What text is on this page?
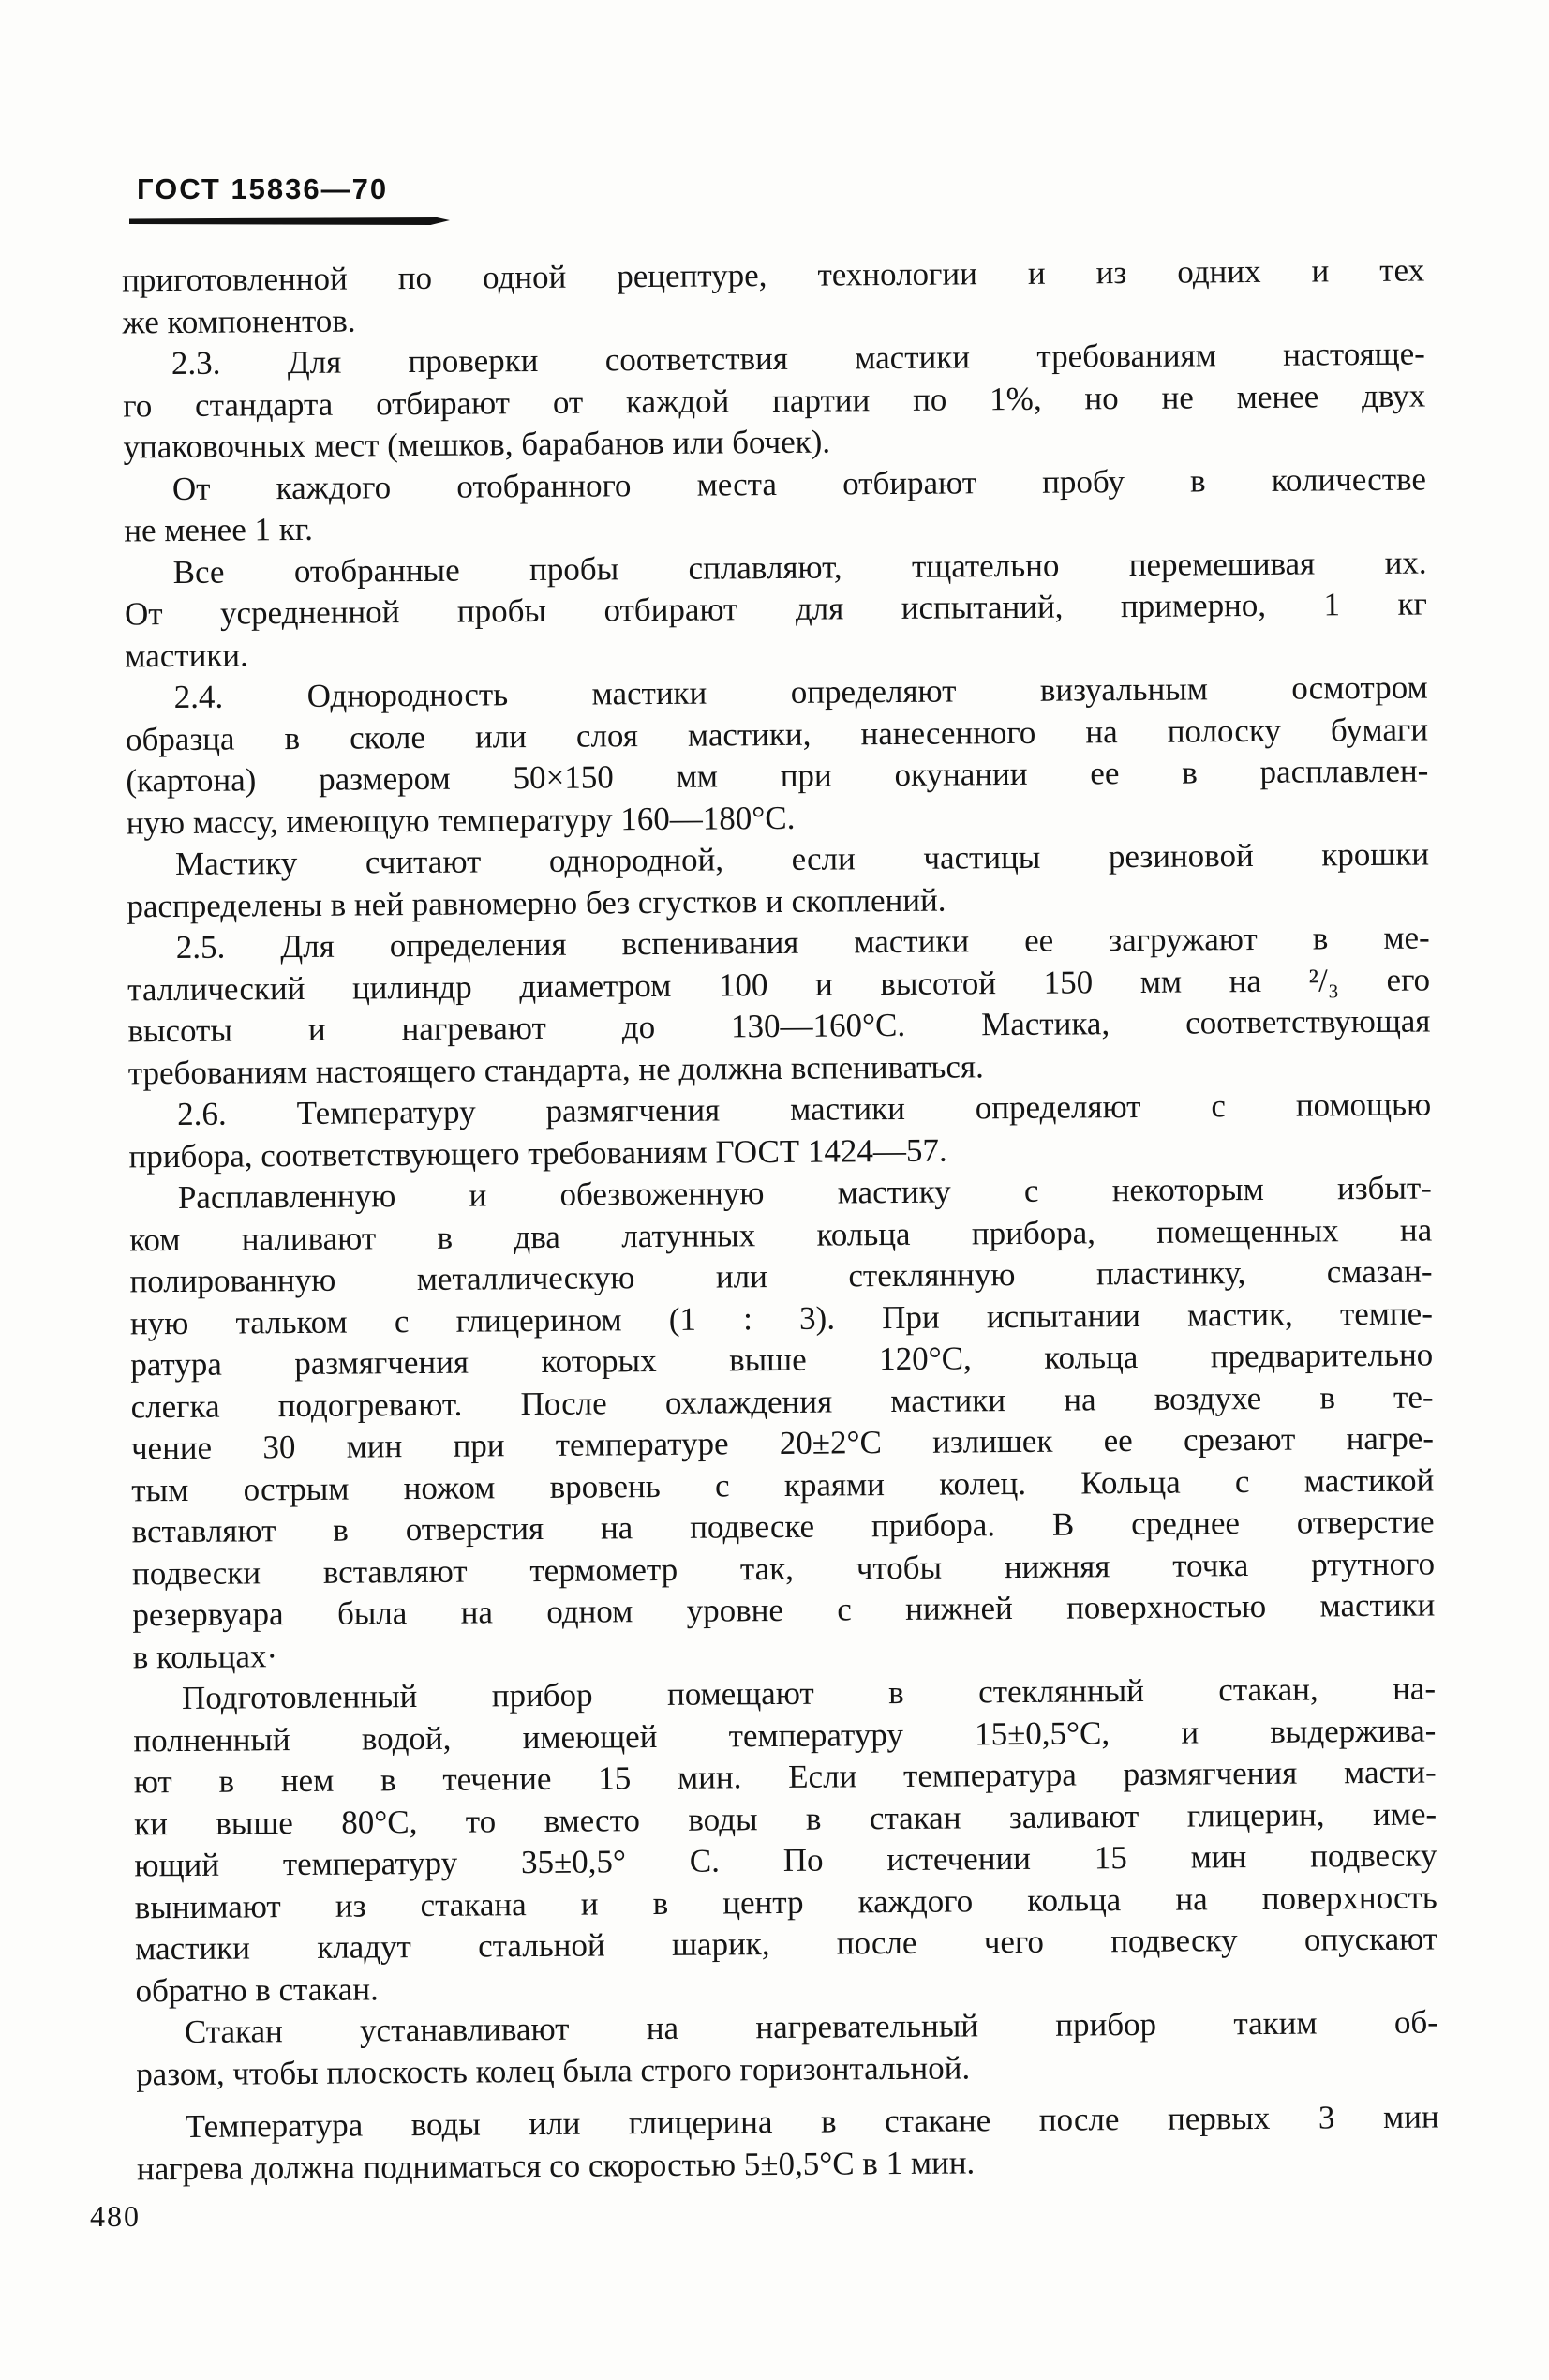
ГОСТ 15836—70
приготовленной по одной рецептуре, технологии и из одних и тех
же компонентов.
2.3. Для проверки соответствия мастики требованиям настояще-
го стандарта отбирают от каждой партии по 1%, но не менее двух
упаковочных мест (мешков, барабанов или бочек).
От каждого отобранного места отбирают пробу в количестве
не менее 1 кг.
Все отобранные пробы сплавляют, тщательно перемешивая их.
От усредненной пробы отбирают для испытаний, примерно, 1 кг
мастики.
2.4. Однородность мастики определяют визуальным осмотром
образца в сколе или слоя мастики, нанесенного на полоску бумаги
(картона) размером 50×150 мм при окунании ее в расплавлен-
ную массу, имеющую температуру 160—180°С.
Мастику считают однородной, если частицы резиновой крошки
распределены в ней равномерно без сгустков и скоплений.
2.5. Для определения вспенивания мастики ее загружают в ме-
таллический цилиндр диаметром 100 и высотой 150 мм на ²/₃ его
высоты и нагревают до 130—160°С. Мастика, соответствующая
требованиям настоящего стандарта, не должна вспениваться.
2.6. Температуру размягчения мастики определяют с помощью
прибора, соответствующего требованиям ГОСТ 1424—57.
Расплавленную и обезвоженную мастику с некоторым избыт-
ком наливают в два латунных кольца прибора, помещенных на
полированную металлическую или стеклянную пластинку, смазан-
ную тальком с глицерином (1 : 3). При испытании мастик, темпе-
ратура размягчения которых выше 120°С, кольца предварительно
слегка подогревают. После охлаждения мастики на воздухе в те-
чение 30 мин при температуре 20±2°С излишек ее срезают нагре-
тым острым ножом вровень с краями колец. Кольца с мастикой
вставляют в отверстия на подвеске прибора. В среднее отверстие
подвески вставляют термометр так, чтобы нижняя точка ртутного
резервуара была на одном уровне с нижней поверхностью мастики
в кольцах·
Подготовленный прибор помещают в стеклянный стакан, на-
полненный водой, имеющей температуру 15±0,5°С, и выдержива-
ют в нем в течение 15 мин. Если температура размягчения масти-
ки выше 80°С, то вместо воды в стакан заливают глицерин, име-
ющий температуру 35±0,5° С. По истечении 15 мин подвеску
вынимают из стакана и в центр каждого кольца на поверхность
мастики кладут стальной шарик, после чего подвеску опускают
обратно в стакан.
Стакан устанавливают на нагревательный прибор таким об-
разом, чтобы плоскость колец была строго горизонтальной.
Температура воды или глицерина в стакане после первых 3 мин
нагрева должна подниматься со скоростью 5±0,5°С в 1 мин.
480
